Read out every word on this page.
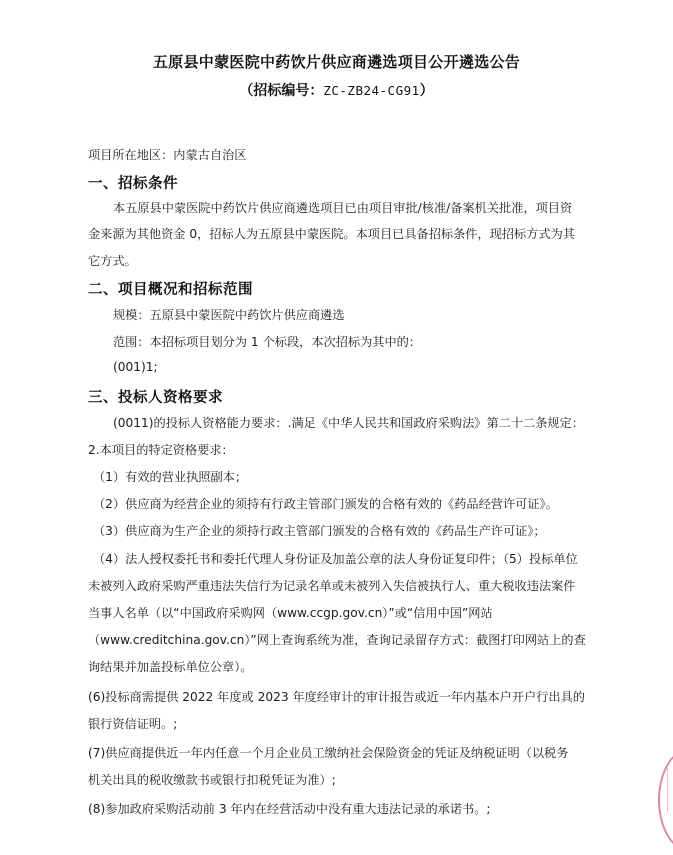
五原县中蒙医院中药饮片供应商遴选项目公开遴选公告
（招标编号：ZC-ZB24-CG91）
项目所在地区：内蒙古自治区
一、招标条件
本五原县中蒙医院中药饮片供应商遴选项目已由项目审批/核准/备案机关批准，项目资
金来源为其他资金 0，招标人为五原县中蒙医院。本项目已具备招标条件，现招标方式为其
它方式。
二、项目概况和招标范围
规模：五原县中蒙医院中药饮片供应商遴选
范围：本招标项目划分为 1 个标段，本次招标为其中的：
(001)1;
三、投标人资格要求
(0011)的投标人资格能力要求：.满足《中华人民共和国政府采购法》第二十二条规定：
2.本项目的特定资格要求：
（1）有效的营业执照副本；
（2）供应商为经营企业的须持有行政主管部门颁发的合格有效的《药品经营许可证》。
（3）供应商为生产企业的须持行政主管部门颁发的合格有效的《药品生产许可证》；
（4）法人授权委托书和委托代理人身份证及加盖公章的法人身份证复印件；（5）投标单位
未被列入政府采购严重违法失信行为记录名单或未被列入失信被执行人、重大税收违法案件
当事人名单（以“中国政府采购网（www.ccgp.gov.cn）”或“信用中国”网站
（www.creditchina.gov.cn）”网上查询系统为准，查询记录留存方式：截图打印网站上的查
询结果并加盖投标单位公章）。
(6)投标商需提供 2022 年度或 2023 年度经审计的审计报告或近一年内基本户开户行出具的
银行资信证明。;
(7)供应商提供近一年内任意一个月企业员工缴纳社会保险资金的凭证及纳税证明（以税务
机关出具的税收缴款书或银行扣税凭证为准）;
(8)参加政府采购活动前 3 年内在经营活动中没有重大违法记录的承诺书。;
